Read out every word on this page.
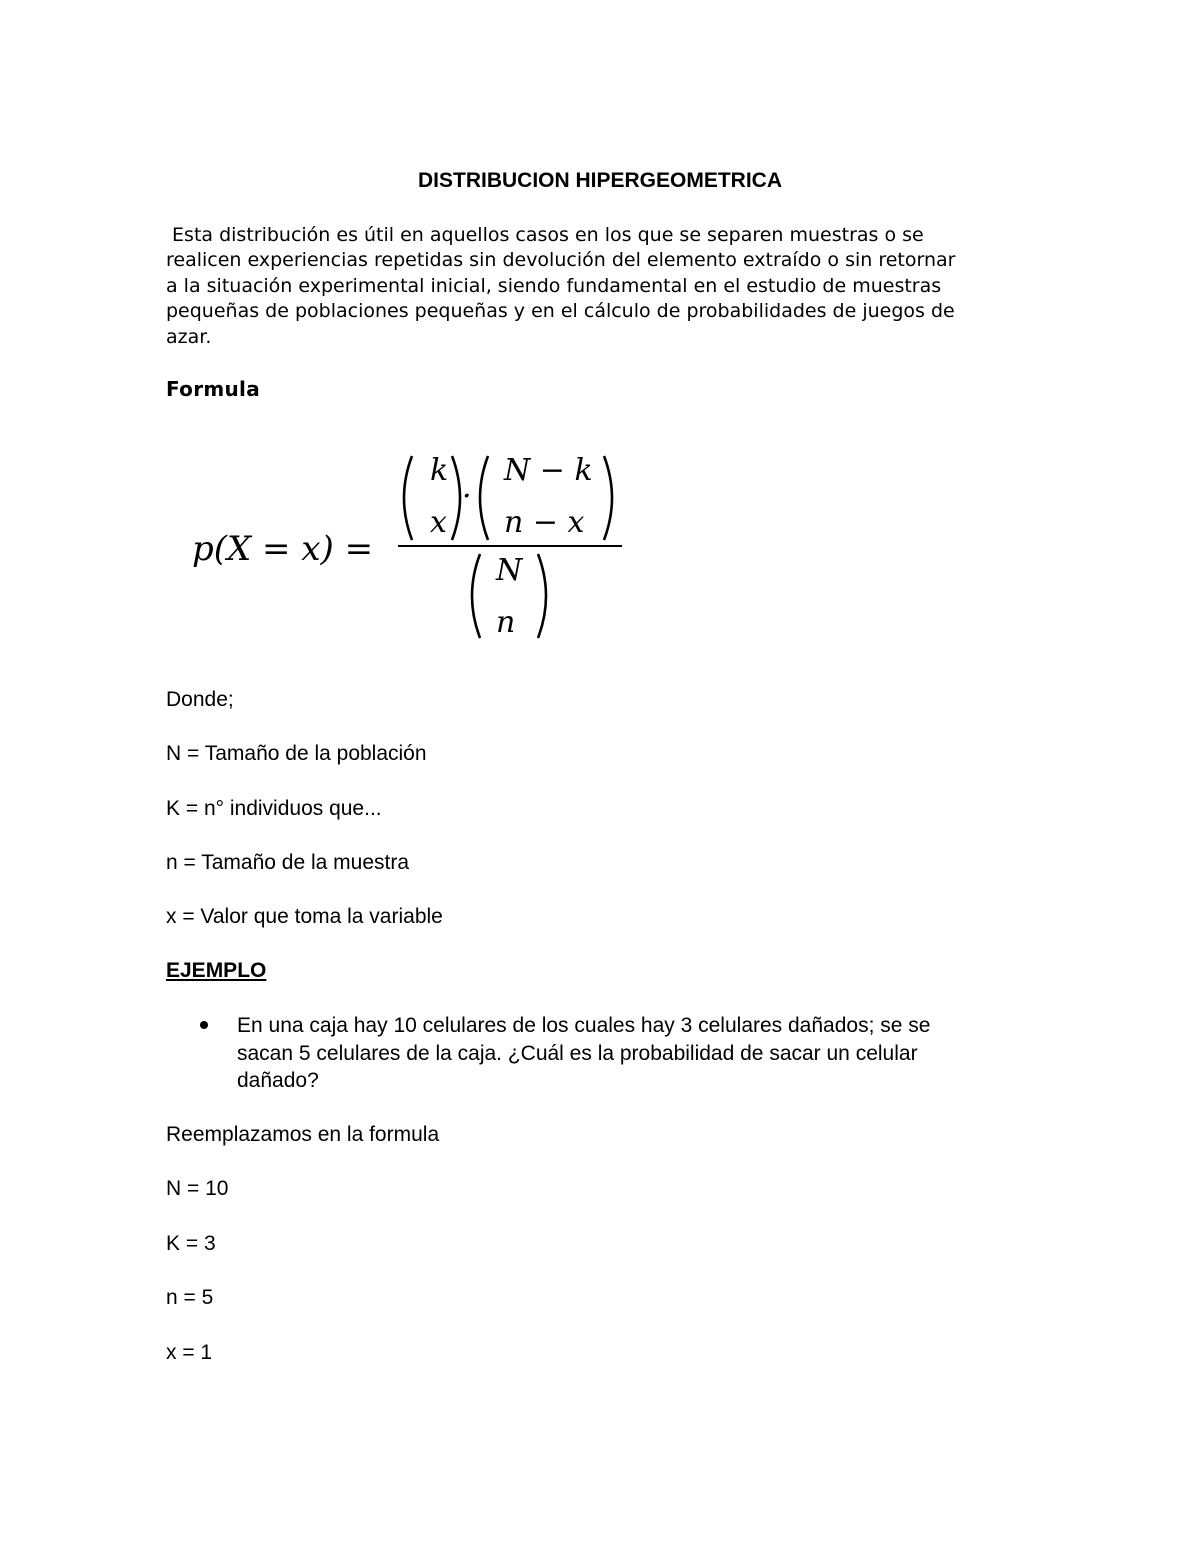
DISTRIBUCION HIPERGEOMETRICA
Esta distribución es útil en aquellos casos en los que se separen muestras o se
realicen experiencias repetidas sin devolución del elemento extraído o sin retornar
a la situación experimental inicial, siendo fundamental en el estudio de muestras
pequeñas de poblaciones pequeñas y en el cálculo de probabilidades de juegos de
azar.
Formula
p(X = x) =
k
x
·
N − k
n − x
N
n
Donde;
N = Tamaño de la población
K = n° individuos que...
n = Tamaño de la muestra
x = Valor que toma la variable
EJEMPLO
En una caja hay 10 celulares de los cuales hay 3 celulares dañados; se se
sacan 5 celulares de la caja. ¿Cuál es la probabilidad de sacar un celular
dañado?
Reemplazamos en la formula
N = 10
K = 3
n = 5
x = 1
